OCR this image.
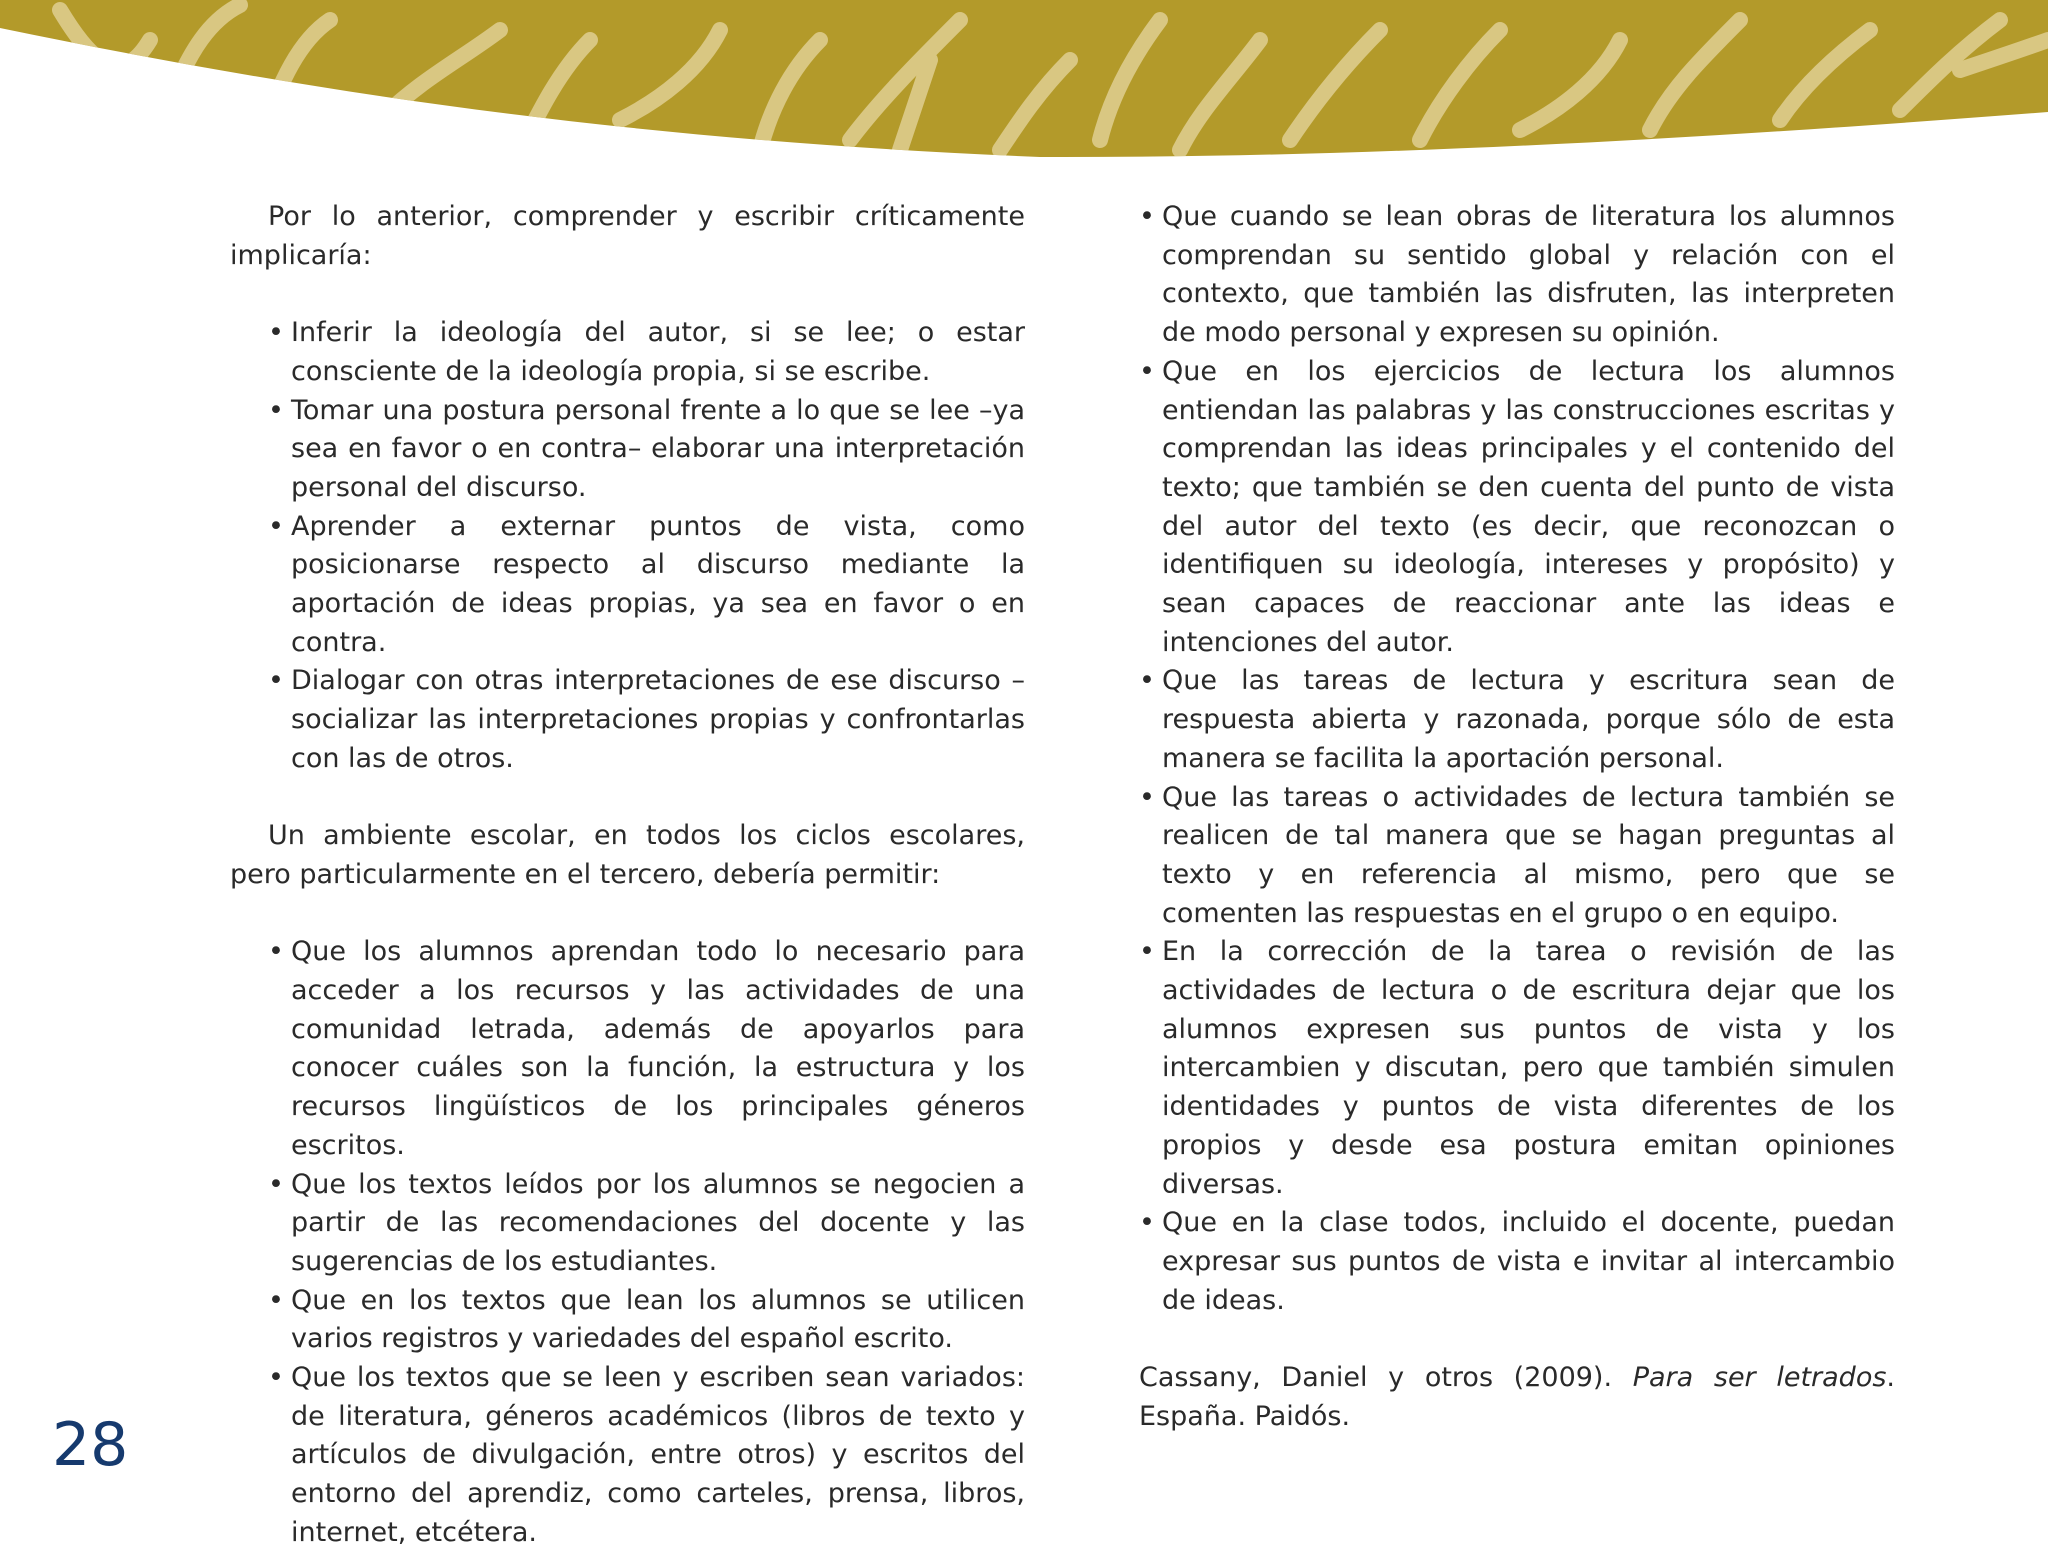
Por lo anterior, comprender y escribir críticamente implicaría:

• Inferir la ideología del autor, si se lee; o estar consciente de la ideología propia, si se escribe.
• Tomar una postura personal frente a lo que se lee –ya sea en favor o en contra– elaborar una interpretación personal del discurso.
• Aprender a externar puntos de vista, como posicionarse respecto al discurso mediante la aportación de ideas propias, ya sea en favor o en contra.
• Dialogar con otras interpretaciones de ese discurso –socializar las interpretaciones propias y confrontarlas con las de otros.

Un ambiente escolar, en todos los ciclos escolares, pero particularmente en el tercero, debería permitir:

• Que los alumnos aprendan todo lo necesario para acceder a los recursos y las actividades de una comunidad letrada, además de apoyarlos para conocer cuáles son la función, la estructura y los recursos lingüísticos de los principales géneros escritos.
• Que los textos leídos por los alumnos se negocien a partir de las recomendaciones del docente y las sugerencias de los estudiantes.
• Que en los textos que lean los alumnos se utilicen varios registros y variedades del español escrito.
• Que los textos que se leen y escriben sean variados: de literatura, géneros académicos (libros de texto y artículos de divulgación, entre otros) y escritos del entorno del aprendiz, como carteles, prensa, libros, internet, etcétera.
• Que cuando se lean obras de literatura los alumnos comprendan su sentido global y relación con el contexto, que también las disfruten, las interpreten de modo personal y expresen su opinión.
• Que en los ejercicios de lectura los alumnos entiendan las palabras y las construcciones escritas y comprendan las ideas principales y el contenido del texto; que también se den cuenta del punto de vista del autor del texto (es decir, que reconozcan o identifiquen su ideología, intereses y propósito) y sean capaces de reaccionar ante las ideas e intenciones del autor.
• Que las tareas de lectura y escritura sean de respuesta abierta y razonada, porque sólo de esta manera se facilita la aportación personal.
• Que las tareas o actividades de lectura también se realicen de tal manera que se hagan preguntas al texto y en referencia al mismo, pero que se comenten las respuestas en el grupo o en equipo.
• En la corrección de la tarea o revisión de las actividades de lectura o de escritura dejar que los alumnos expresen sus puntos de vista y los intercambien y discutan, pero que también simulen identidades y puntos de vista diferentes de los propios y desde esa postura emitan opiniones diversas.
• Que en la clase todos, incluido el docente, puedan expresar sus puntos de vista e invitar al intercambio de ideas.

Cassany, Daniel y otros (2009). Para ser letrados. España. Paidós.

28
